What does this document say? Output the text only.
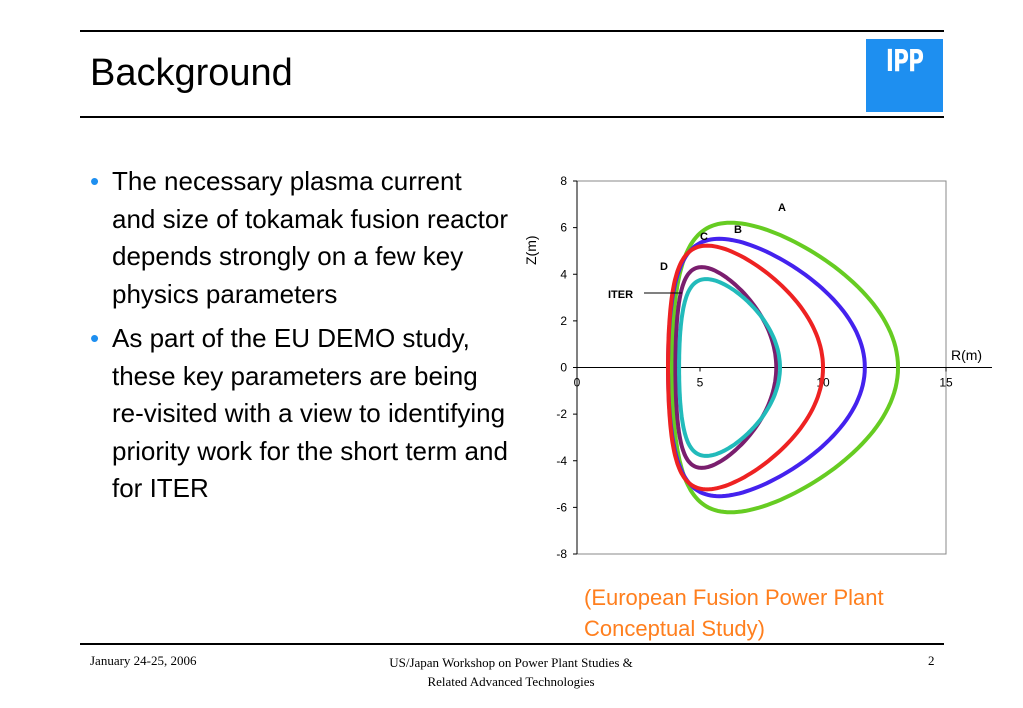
Background	IPP
• The necessary plasma current and size of tokamak fusion reactor depends strongly on a few key physics parameters
• As part of the EU DEMO study, these key parameters are being re-visited with a view to identifying priority work for the short term and for ITER
8
6
4
2
0
-2
-4
-6
-8
0	5	10	15
R(m)
Z(m)
A
B
C
D
ITER
(European Fusion Power Plant Conceptual Study)
January 24-25, 2006	US/Japan Workshop on Power Plant Studies &
Related Advanced Technologies
2
